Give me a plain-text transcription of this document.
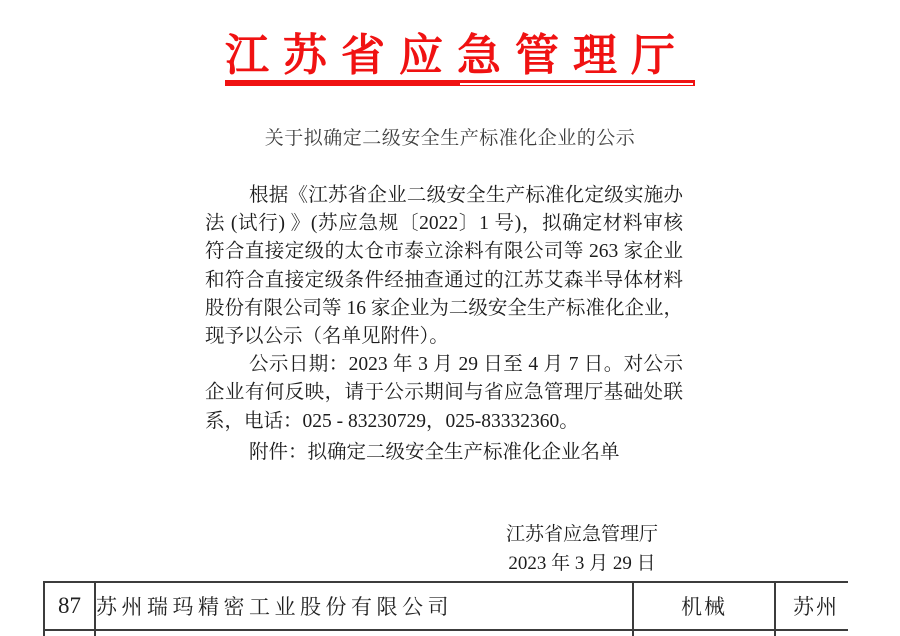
江苏省应急管理厅
关于拟确定二级安全生产标准化企业的公示

根据《江苏省企业二级安全生产标准化定级实施办法 (试行) 》(苏应急规〔2022〕1 号)，拟确定材料审核符合直接定级的太仓市泰立涂料有限公司等 263 家企业和符合直接定级条件经抽查通过的江苏艾森半导体材料股份有限公司等 16 家企业为二级安全生产标准化企业，现予以公示（名单见附件）。

公示日期：2023 年 3 月 29 日至 4 月 7 日。对公示企业有何反映，请于公示期间与省应急管理厅基础处联系，电话：025 - 83230729，025-83332360。

附件：拟确定二级安全生产标准化企业名单
江苏省应急管理厅
2023 年 3 月 29 日
87	苏州瑞玛精密工业股份有限公司	机械	苏州
